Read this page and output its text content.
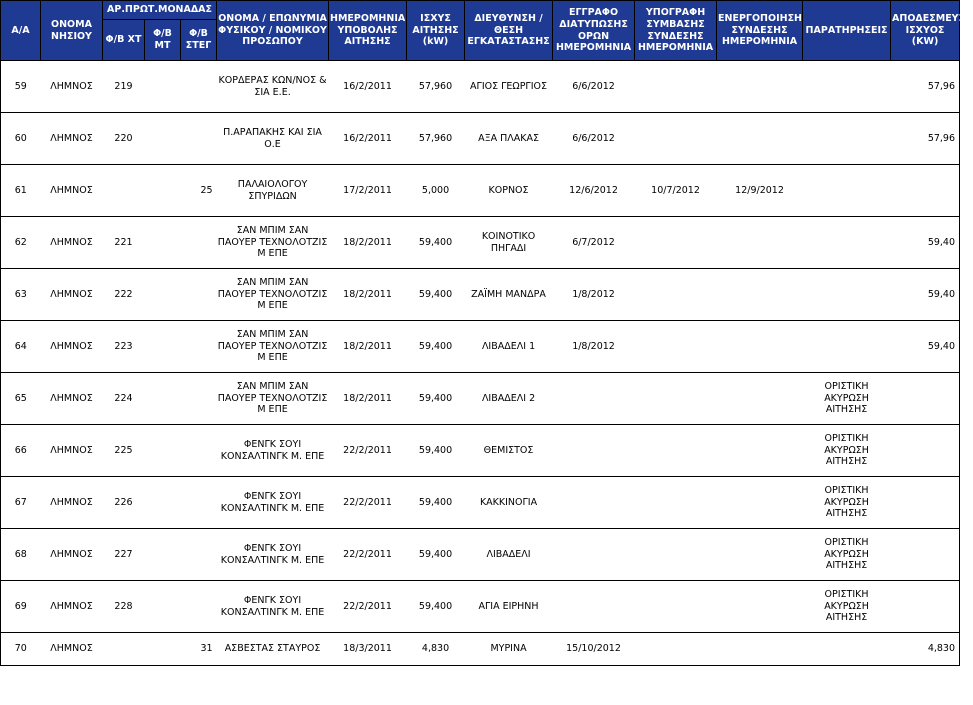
Α/Α	ΟΝΟΜΑ ΝΗΣΙΟΥ	ΑΡ.ΠΡΩΤ.ΜΟΝΑΔΑΣ			ΟΝΟΜΑ / ΕΠΩΝΥΜΙΑ ΦΥΣΙΚΟΥ / ΝΟΜΙΚΟΥ ΠΡΟΣΩΠΟΥ	ΗΜΕΡΟΜΗΝΙΑ ΥΠΟΒΟΛΗΣ ΑΙΤΗΣΗΣ	ΙΣΧΥΣ ΑΙΤΗΣΗΣ (kW)	ΔΙΕΥΘΥΝΣΗ / ΘΕΣΗ ΕΓΚΑΤΑΣΤΑΣΗΣ	ΕΓΓΡΑΦΟ ΔΙΑΤΥΠΩΣΗΣ ΟΡΩΝ ΗΜΕΡΟΜΗΝΙΑ	ΥΠΟΓΡΑΦΗ ΣΥΜΒΑΣΗΣ ΣΥΝΔΕΣΗΣ ΗΜΕΡΟΜΗΝΙΑ	ΕΝΕΡΓΟΠΟΙΗΣΗ ΣΥΝΔΕΣΗΣ ΗΜΕΡΟΜΗΝΙΑ	ΠΑΡΑΤΗΡΗΣΕΙΣ	ΑΠΟΔΕΣΜΕΥΣΗ ΙΣΧΥΟΣ (KW)
		Φ/Β ΧΤ	Φ/Β ΜΤ	Φ/Β ΣΤΕΓ									
59	ΛΗΜΝΟΣ	219			ΚΟΡΔΕΡΑΣ ΚΩΝ/ΝΟΣ & ΣΙΑ Ε.Ε.	16/2/2011	57,960	ΑΓΙΟΣ ΓΕΩΡΓΙΟΣ	6/6/2012				57,96
60	ΛΗΜΝΟΣ	220			Π.ΑΡΑΠΑΚΗΣ ΚΑΙ ΣΙΑ Ο.Ε	16/2/2011	57,960	ΑΞΑ ΠΛΑΚΑΣ	6/6/2012				57,96
61	ΛΗΜΝΟΣ			25	ΠΑΛΑΙΟΛΟΓΟΥ ΣΠΥΡΙΔΩΝ	17/2/2011	5,000	ΚΟΡΝΟΣ	12/6/2012	10/7/2012	12/9/2012		
62	ΛΗΜΝΟΣ	221			ΣΑΝ ΜΠΙΜ ΣΑΝ ΠΑΟΥΕΡ ΤΕΧΝΟΛΟΤΖΙΣ Μ ΕΠΕ	18/2/2011	59,400	ΚΟΙΝΟΤΙΚΟ ΠΗΓΑΔΙ	6/7/2012				59,40
63	ΛΗΜΝΟΣ	222			ΣΑΝ ΜΠΙΜ ΣΑΝ ΠΑΟΥΕΡ ΤΕΧΝΟΛΟΤΖΙΣ Μ ΕΠΕ	18/2/2011	59,400	ΖΑΪΜΗ ΜΑΝΔΡΑ	1/8/2012				59,40
64	ΛΗΜΝΟΣ	223			ΣΑΝ ΜΠΙΜ ΣΑΝ ΠΑΟΥΕΡ ΤΕΧΝΟΛΟΤΖΙΣ Μ ΕΠΕ	18/2/2011	59,400	ΛΙΒΑΔΕΛΙ 1	1/8/2012				59,40
65	ΛΗΜΝΟΣ	224			ΣΑΝ ΜΠΙΜ ΣΑΝ ΠΑΟΥΕΡ ΤΕΧΝΟΛΟΤΖΙΣ Μ ΕΠΕ	18/2/2011	59,400	ΛΙΒΑΔΕΛΙ 2				ΟΡΙΣΤΙΚΗ ΑΚΥΡΩΣΗ ΑΙΤΗΣΗΣ	
66	ΛΗΜΝΟΣ	225			ΦΕΝΓΚ ΣΟΥΙ ΚΟΝΣΑΛΤΙΝΓΚ Μ. ΕΠΕ	22/2/2011	59,400	ΘΕΜΙΣΤΟΣ				ΟΡΙΣΤΙΚΗ ΑΚΥΡΩΣΗ ΑΙΤΗΣΗΣ	
67	ΛΗΜΝΟΣ	226			ΦΕΝΓΚ ΣΟΥΙ ΚΟΝΣΑΛΤΙΝΓΚ Μ. ΕΠΕ	22/2/2011	59,400	ΚΑΚΚΙΝΟΓΙΑ				ΟΡΙΣΤΙΚΗ ΑΚΥΡΩΣΗ ΑΙΤΗΣΗΣ	
68	ΛΗΜΝΟΣ	227			ΦΕΝΓΚ ΣΟΥΙ ΚΟΝΣΑΛΤΙΝΓΚ Μ. ΕΠΕ	22/2/2011	59,400	ΛΙΒΑΔΕΛΙ				ΟΡΙΣΤΙΚΗ ΑΚΥΡΩΣΗ ΑΙΤΗΣΗΣ	
69	ΛΗΜΝΟΣ	228			ΦΕΝΓΚ ΣΟΥΙ ΚΟΝΣΑΛΤΙΝΓΚ Μ. ΕΠΕ	22/2/2011	59,400	ΑΓΙΑ ΕΙΡΗΝΗ				ΟΡΙΣΤΙΚΗ ΑΚΥΡΩΣΗ ΑΙΤΗΣΗΣ	
70	ΛΗΜΝΟΣ			31	ΑΣΒΕΣΤΑΣ ΣΤΑΥΡΟΣ	18/3/2011	4,830	ΜΥΡΙΝΑ	15/10/2012				4,830
